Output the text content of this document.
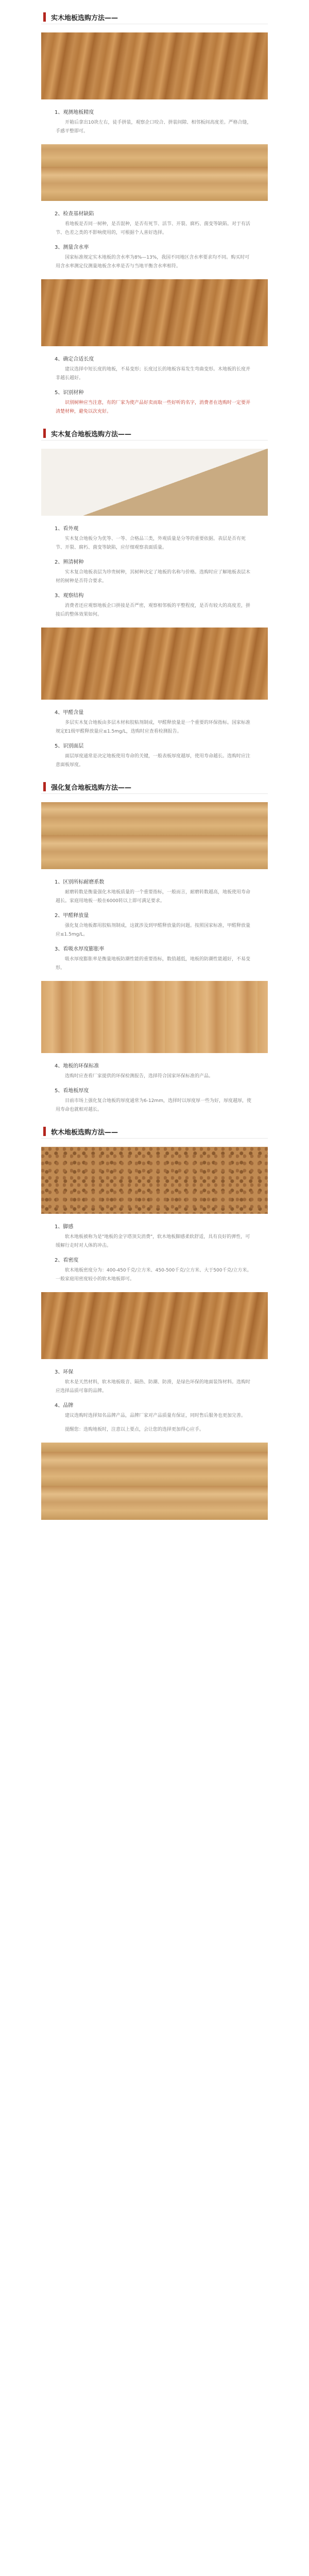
实木地板选购方法——
1、观测地板精度
开箱后拿出10块左右，徒手拼装，观察企口咬合、拼装间隙、相邻板间高度差。严格合缝，手感平整即可。
2、检查基材缺陷
看地板是否同一树种，是否混种，是否有死节、活节、开裂、腐朽、菌变等缺陷。对于有活节、色差之类的不影响使用的，可根据个人喜好选择。
3、测量含水率
国家标准规定实木地板的含水率为8%—13%，我国不同地区含水率要求均不同。购买时可用含水率测定仪测量地板含水率是否与当地平衡含水率相符。
4、确定合适长度
建议选择中短长度的地板，不易变形；长度过长的地板容易发生弯曲变形。木地板的长度并非越长越好。
5、识别材种
识别树种应当注意，有的厂家为使产品好卖而取一些好听的名字，消费者在选购时一定要弄清楚材种，避免以次充好。
实木复合地板选购方法——
1、看外观
实木复合地板分为优等、一等、合格品三类，外观质量是分等的重要依据。表层是否有死节、开裂、腐朽、菌变等缺陷，应仔细观察表面质量。
2、辨清树种
实木复合地板表层为珍贵树种，其树种决定了地板的名称与价格。选购时应了解地板表层木材的树种是否符合要求。
3、观察结构
消费者还应观察地板企口拼接是否严密，观察相邻板的平整程度，是否有较大的高度差，拼接后的整体效果如何。
4、甲醛含量
多层实木复合地板由多层木材和胶粘剂制成，甲醛释放量是一个重要的环保指标。国家标准规定E1级甲醛释放量应≤1.5mg/L，选购时应查看检测报告。
5、识别面层
面层厚度通常是决定地板使用寿命的关键，一般表板厚度越厚，使用寿命越长。选购时应注意面板厚度。
强化复合地板选购方法——
1、区别所标耐磨系数
耐磨转数是衡量强化木地板质量的一个重要指标，一般而言，耐磨转数越高，地板使用寿命越长。家庭用地板一般在6000转以上即可满足要求。
2、甲醛释放量
强化复合地板都用胶粘剂制成，这就涉及到甲醛释放量的问题。按照国家标准，甲醛释放量应≤1.5mg/L。
3、看吸水厚度膨胀率
吸水厚度膨胀率是衡量地板防潮性能的重要指标，数值越低，地板的防潮性能越好，不易变形。
4、地板的环保标准
选购时应查看厂家提供的环保检测报告，选择符合国家环保标准的产品。
5、看地板厚度
目前市场上强化复合地板的厚度通常为6-12mm，选择时以厚度厚一些为好，厚度越厚，使用寿命也就相对越长。
软木地板选购方法——
1、脚感
软木地板被称为是"地板的金字塔顶尖消费"，软木地板脚感柔软舒适，具有良好的弹性，可缓解行走时对人体的冲击。
2、看密度
软木地板密度分为：400-450千克/立方米、450-500千克/立方米、大于500千克/立方米。一般家庭用密度较小的软木地板即可。
3、环保
软木是天然材料，软木地板吸音、隔热、防潮、防滑，是绿色环保的地面装饰材料。选购时应选择品质可靠的品牌。
4、品牌
建议选购时选择知名品牌产品，品牌厂家对产品质量有保证，同时售后服务也更加完善。
提醒您：选购地板时，注意以上要点，会让您的选择更加得心应手。
